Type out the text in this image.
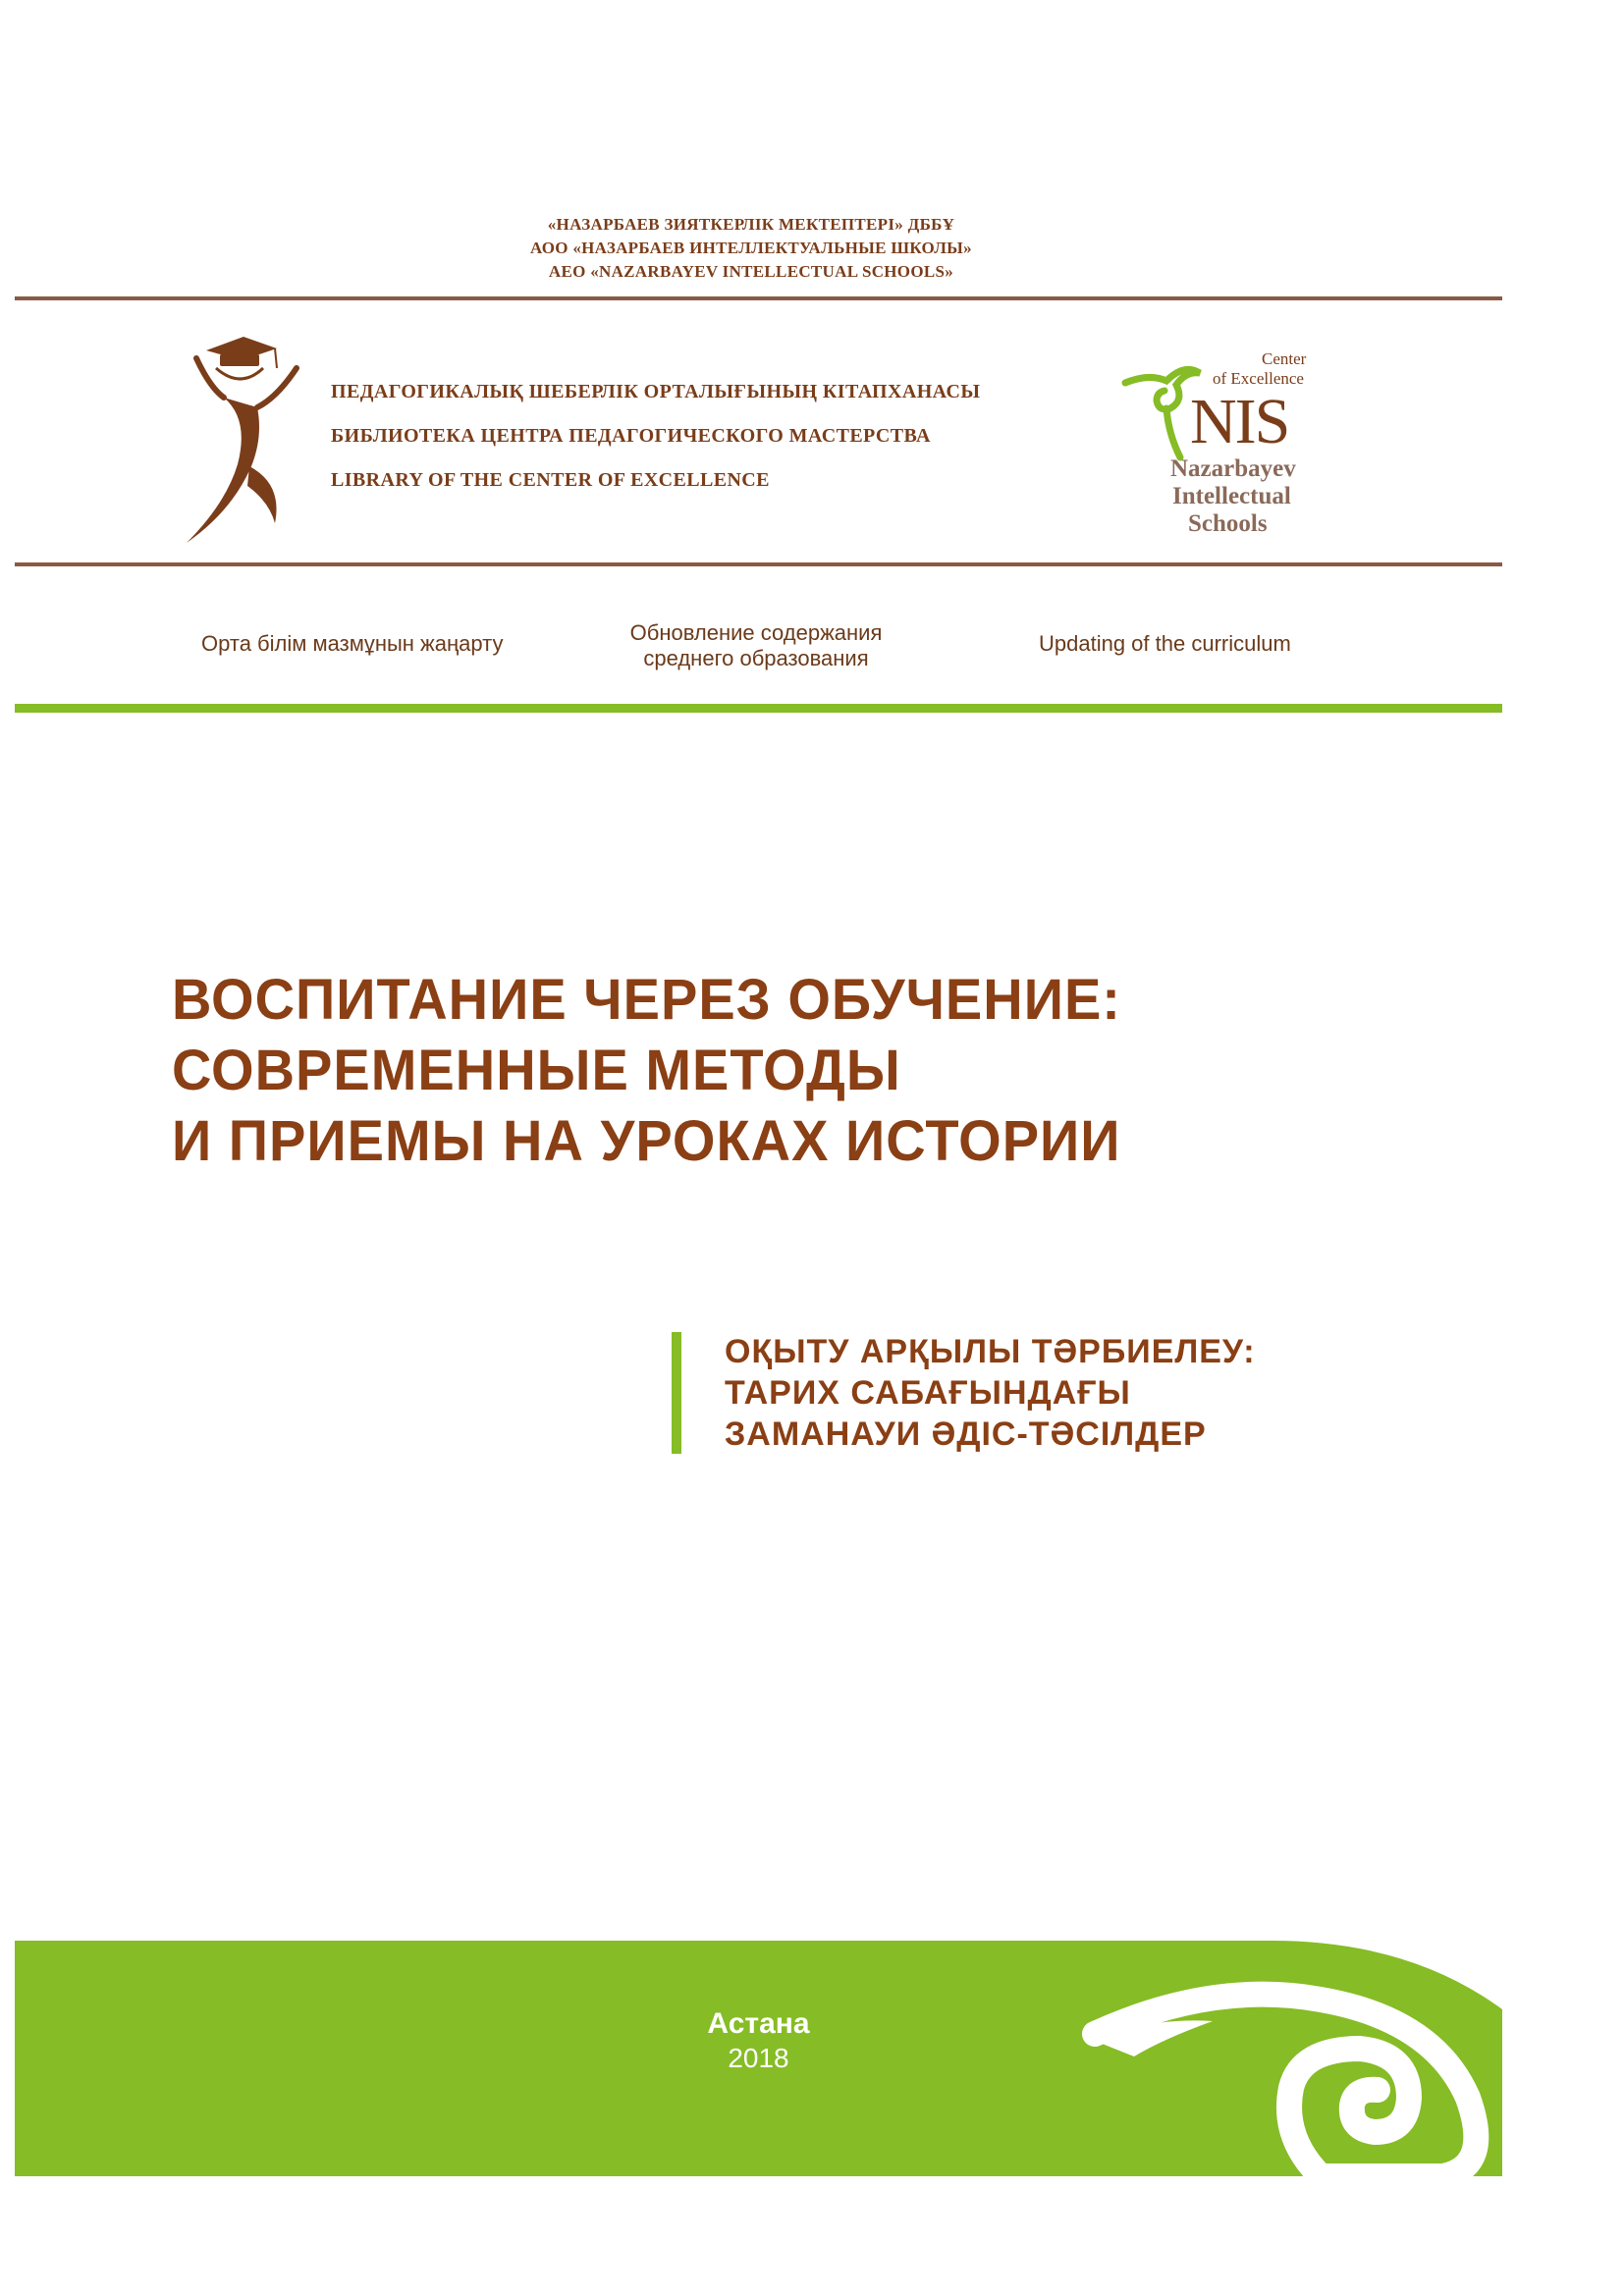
«НАЗАРБАЕВ ЗИЯТКЕРЛІК МЕКТЕПТЕРІ» ДББҰ
АОО «НАЗАРБАЕВ ИНТЕЛЛЕКТУАЛЬНЫЕ ШКОЛЫ»
АЕО «NAZARBAYEV INTELLECTUAL SCHOOLS»
ПЕДАГОГИКАЛЫҚ ШЕБЕРЛІК ОРТАЛЫҒЫНЫҢ КІТАПХАНАСЫ
БИБЛИОТЕКА ЦЕНТРА ПЕДАГОГИЧЕСКОГО МАСТЕРСТВА
LIBRARY OF THE CENTER OF EXCELLENCE
Center
of Excellence
NIS
Nazarbayev
Intellectual
Schools
Орта білім мазмұнын жаңарту	Обновление содержания
среднего образования
Updating of the curriculum
ВОСПИТАНИЕ ЧЕРЕЗ ОБУЧЕНИЕ:
СОВРЕМЕННЫЕ МЕТОДЫ
И ПРИЕМЫ НА УРОКАХ ИСТОРИИ
ОҚЫТУ АРҚЫЛЫ ТӘРБИЕЛЕУ:
ТАРИХ САБАҒЫНДАҒЫ
ЗАМАНАУИ ӘДІС-ТӘСІЛДЕР
Астана
2018
